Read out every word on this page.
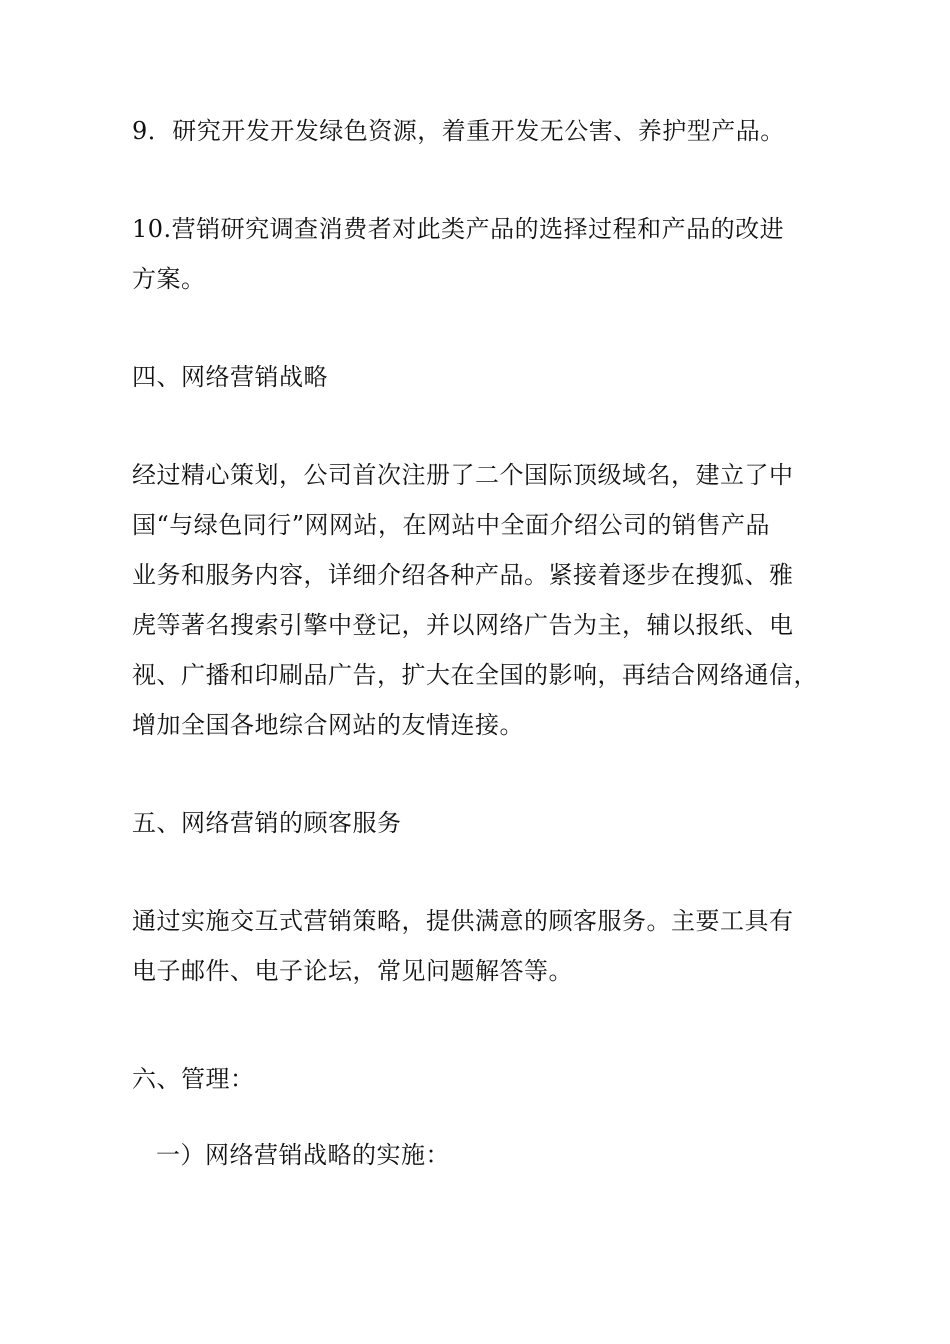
9．研究开发开发绿色资源，着重开发无公害、养护型产品。
10.营销研究调查消费者对此类产品的选择过程和产品的改进
方案。
四、网络营销战略
经过精心策划，公司首次注册了二个国际顶级域名，建立了中
国“与绿色同行”网网站，在网站中全面介绍公司的销售产品
业务和服务内容，详细介绍各种产品。紧接着逐步在搜狐、雅
虎等著名搜索引擎中登记，并以网络广告为主，辅以报纸、电
视、广播和印刷品广告，扩大在全国的影响，再结合网络通信，
增加全国各地综合网站的友情连接。
五、网络营销的顾客服务
通过实施交互式营销策略，提供满意的顾客服务。主要工具有
电子邮件、电子论坛，常见问题解答等。
六、管理：
一）网络营销战略的实施：
